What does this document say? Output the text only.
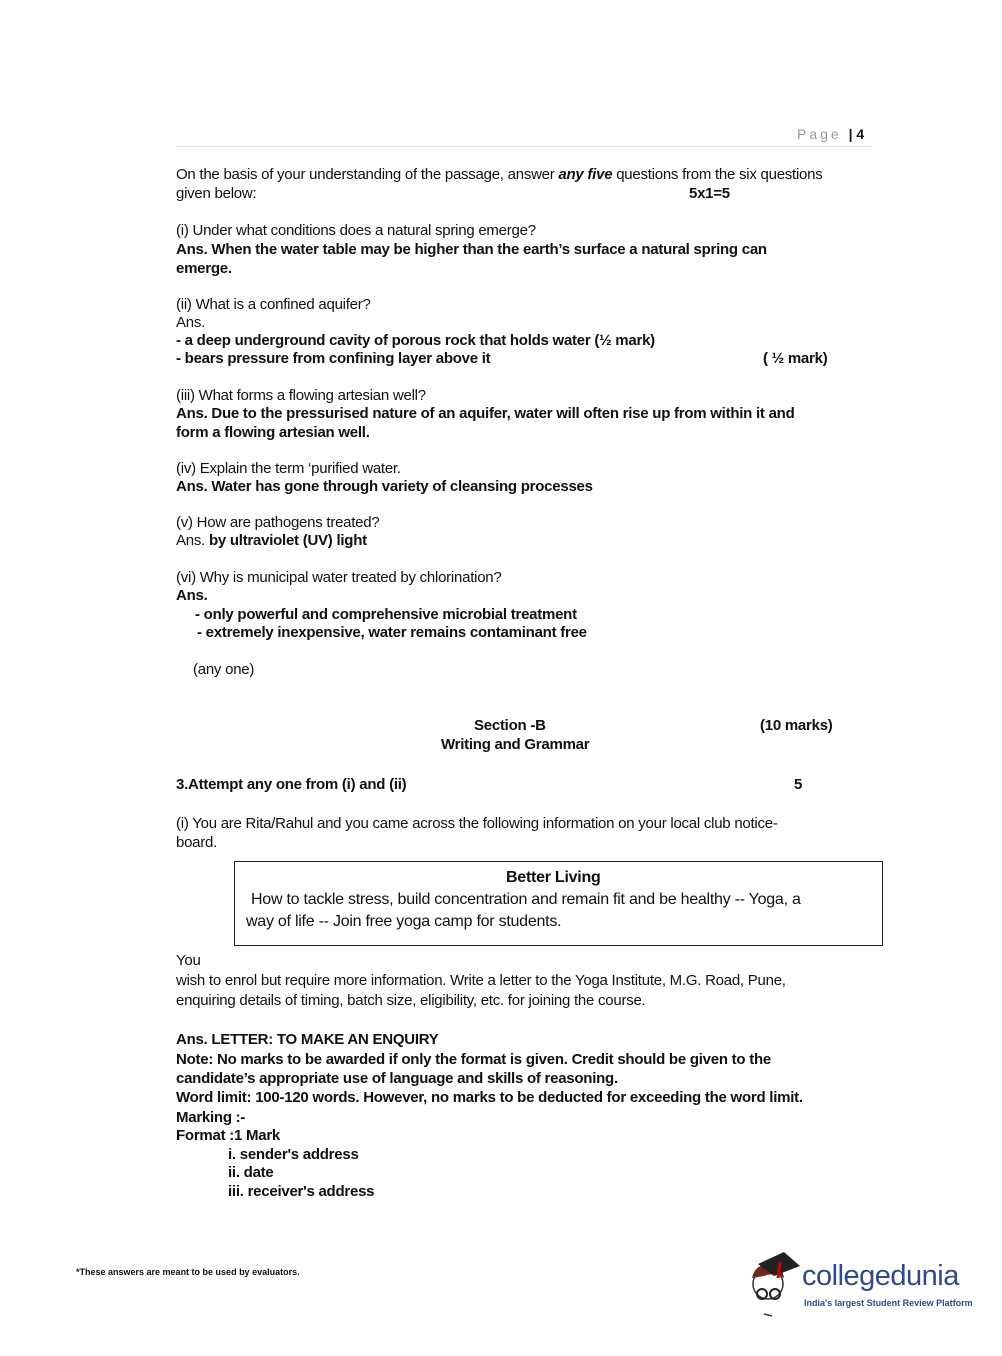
Page | 4
On the basis of your understanding of the passage, answer any five questions from the six questions
given below:	5x1=5
(i) Under what conditions does a natural spring emerge?
Ans. When the water table may be higher than the earth’s surface a natural spring can
emerge.
(ii) What is a confined aquifer?
Ans.
- a deep underground cavity of porous rock that holds water (½ mark)
- bears pressure from confining layer above it	( ½ mark)
(iii) What forms a flowing artesian well?
Ans. Due to the pressurised nature of an aquifer, water will often rise up from within it and
form a flowing artesian well.
(iv) Explain the term ‘purified water.
Ans. Water has gone through variety of cleansing processes
(v) How are pathogens treated?
Ans. by ultraviolet (UV) light
(vi) Why is municipal water treated by chlorination?
Ans.
- only powerful and comprehensive microbial treatment
- extremely inexpensive, water remains contaminant free
(any one)
Section -B	(10 marks)
Writing and Grammar
3.Attempt any one from (i) and (ii)	5
(i) You are Rita/Rahul and you came across the following information on your local club notice-
board.
Better Living
How to tackle stress, build concentration and remain fit and be healthy -- Yoga, a
way of life -- Join free yoga camp for students.
You
wish to enrol but require more information. Write a letter to the Yoga Institute, M.G. Road, Pune,
enquiring details of timing, batch size, eligibility, etc. for joining the course.
Ans. LETTER: TO MAKE AN ENQUIRY
Note: No marks to be awarded if only the format is given. Credit should be given to the
candidate’s appropriate use of language and skills of reasoning.
Word limit: 100-120 words. However, no marks to be deducted for exceeding the word limit.
Marking :-
Format :1 Mark
i. sender's address
ii. date
iii. receiver's address
*These answers are meant to be used by evaluators.	collegedunia
India's largest Student Review Platform
